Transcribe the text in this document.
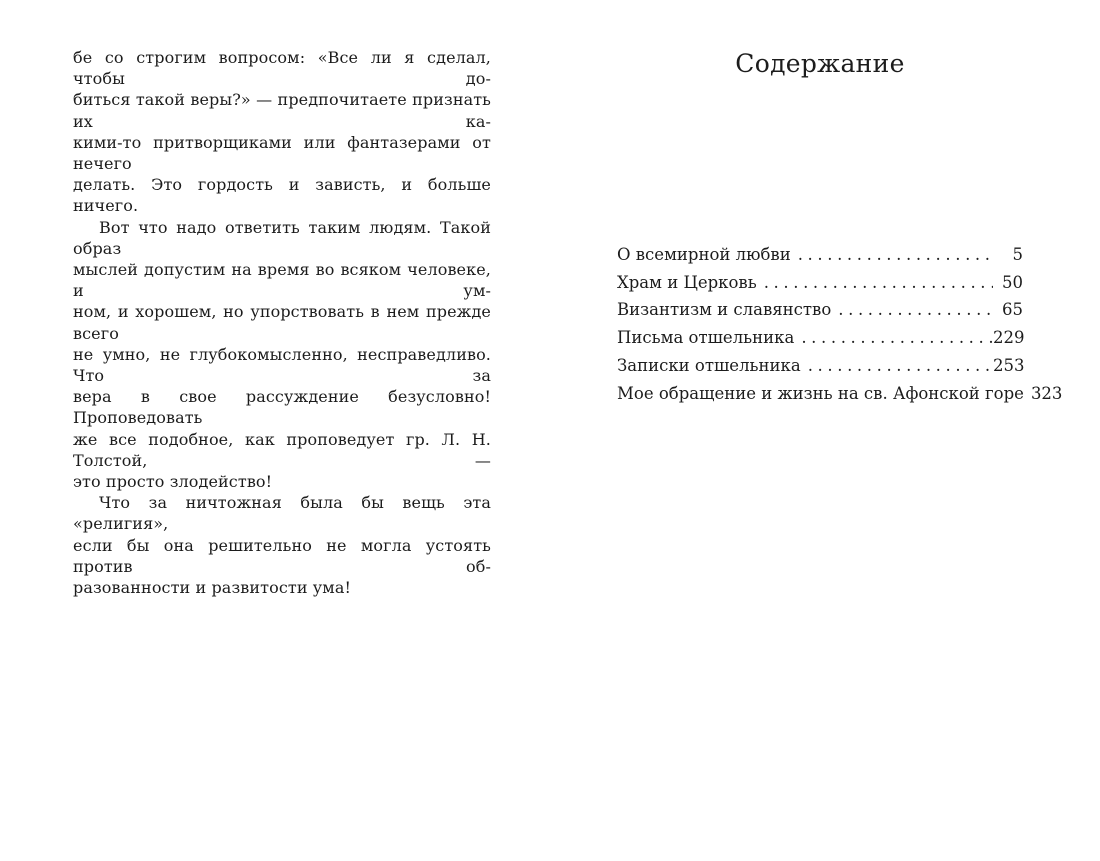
бе со строгим вопросом: «Все ли я сделал, чтобы до-
биться такой веры?» — предпочитаете признать их ка-
кими-то притворщиками или фантазерами от нечего
делать. Это гордость и зависть, и больше ничего.
Вот что надо ответить таким людям. Такой образ
мыслей допустим на время во всяком человеке, и ум-
ном, и хорошем, но упорствовать в нем прежде всего
не умно, не глубокомысленно, несправедливо. Что за
вера в свое рассуждение безусловно! Проповедовать
же все подобное, как проповедует гр. Л. Н. Толстой, —
это просто злодейство!
Что за ничтожная была бы вещь эта «религия»,
если бы она решительно не могла устоять против об-
разованности и развитости ума!
Содержание
О всемирной любви .....	5
Храм и Церковь .....	50
Византизм и славянство .....	65
Письма отшельника .....	229
Записки отшельника .....	253
Мое обращение и жизнь на св. Афонской горе 323
